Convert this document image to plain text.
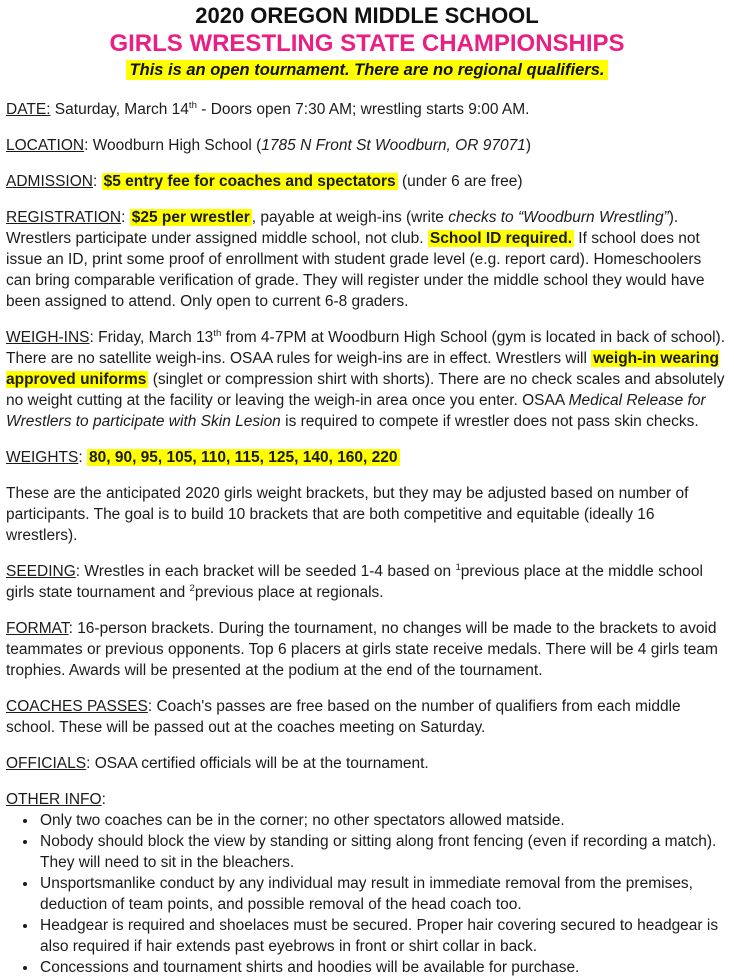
2020 OREGON MIDDLE SCHOOL
GIRLS WRESTLING STATE CHAMPIONSHIPS
This is an open tournament. There are no regional qualifiers.

DATE: Saturday, March 14th - Doors open 7:30 AM; wrestling starts 9:00 AM.

LOCATION: Woodburn High School (1785 N Front St Woodburn, OR 97071)

ADMISSION: $5 entry fee for coaches and spectators (under 6 are free)

REGISTRATION: $25 per wrestler , payable at weigh-ins (write checks to “Woodburn Wrestling”). Wrestlers participate under assigned middle school, not club. School ID required. If school does not issue an ID, print some proof of enrollment with student grade level (e.g. report card). Homeschoolers can bring comparable verification of grade. They will register under the middle school they would have been assigned to attend. Only open to current 6-8 graders.

WEIGH-INS: Friday, March 13th from 4-7PM at Woodburn High School (gym is located in back of school). There are no satellite weigh-ins. OSAA rules for weigh-ins are in effect. Wrestlers will weigh-in wearing approved uniforms (singlet or compression shirt with shorts). There are no check scales and absolutely no weight cutting at the facility or leaving the weigh-in area once you enter. OSAA Medical Release for Wrestlers to participate with Skin Lesion is required to compete if wrestler does not pass skin checks.

WEIGHTS: 80, 90, 95, 105, 110, 115, 125, 140, 160, 220

These are the anticipated 2020 girls weight brackets, but they may be adjusted based on number of participants. The goal is to build 10 brackets that are both competitive and equitable (ideally 16 wrestlers).

SEEDING: Wrestles in each bracket will be seeded 1-4 based on $^1$previous place at the middle school girls state tournament and $^2$previous place at regionals.

FORMAT: 16-person brackets. During the tournament, no changes will be made to the brackets to avoid teammates or previous opponents. Top 6 placers at girls state receive medals. There will be 4 girls team trophies. Awards will be presented at the podium at the end of the tournament.

COACHES PASSES: Coach's passes are free based on the number of qualifiers from each middle school. These will be passed out at the coaches meeting on Saturday.

OFFICIALS: OSAA certified officials will be at the tournament.

OTHER INFO:

• Only two coaches can be in the corner; no other spectators allowed matside.
• Nobody should block the view by standing or sitting along front fencing (even if recording a match). They will need to sit in the bleachers.
• Unsportsmanlike conduct by any individual may result in immediate removal from the premises, deduction of team points, and possible removal of the head coach too.
• Headgear is required and shoelaces must be secured. Proper hair covering secured to headgear is also required if hair extends past eyebrows in front or shirt collar in back.
• Concessions and tournament shirts and hoodies will be available for purchase.
